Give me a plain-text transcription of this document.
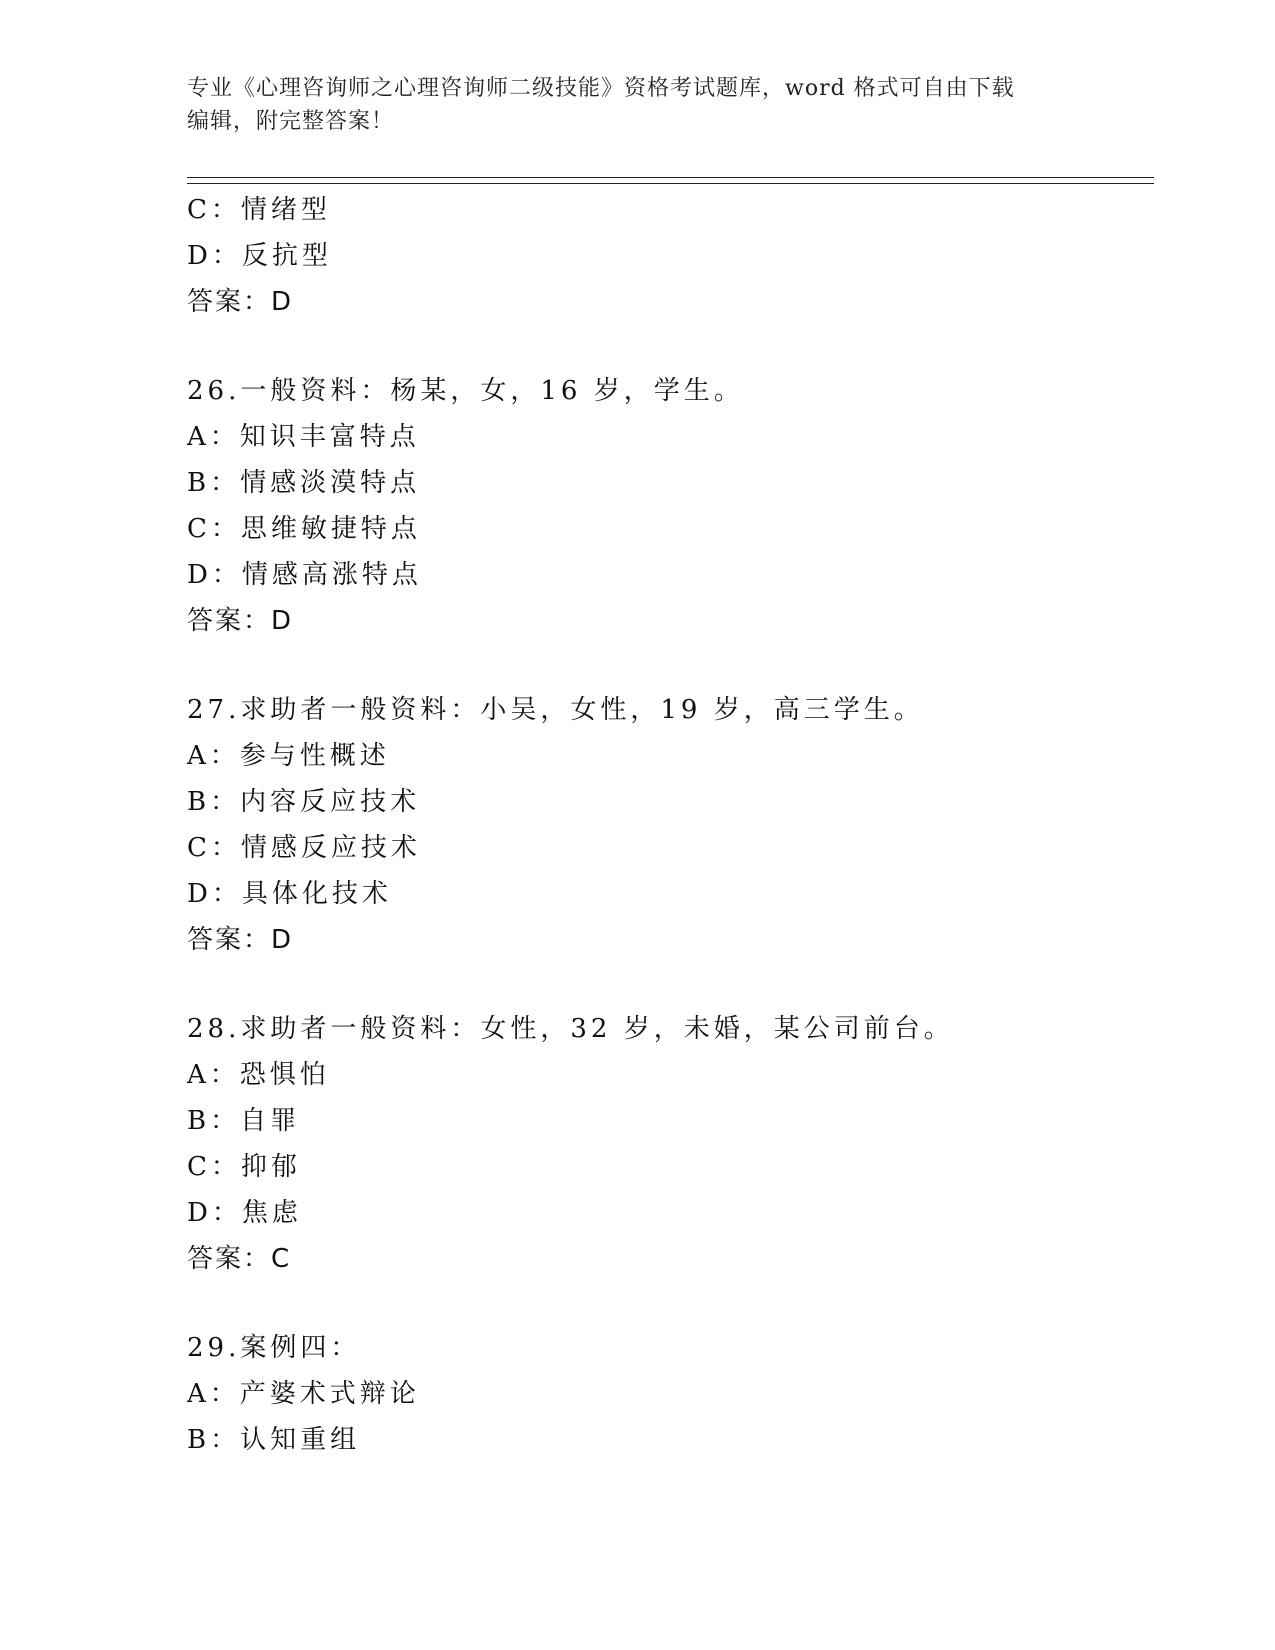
专业《心理咨询师之心理咨询师二级技能》资格考试题库，word 格式可自由下载
编辑，附完整答案！
C：情绪型
D：反抗型
答案：D
26.一般资料：杨某，女，16 岁，学生。
A：知识丰富特点
B：情感淡漠特点
C：思维敏捷特点
D：情感高涨特点
答案：D
27.求助者一般资料：小吴，女性，19 岁，高三学生。
A：参与性概述
B：内容反应技术
C：情感反应技术
D：具体化技术
答案：D
28.求助者一般资料：女性，32 岁，未婚，某公司前台。
A：恐惧怕
B：自罪
C：抑郁
D：焦虑
答案：C
29.案例四：
A：产婆术式辩论
B：认知重组
